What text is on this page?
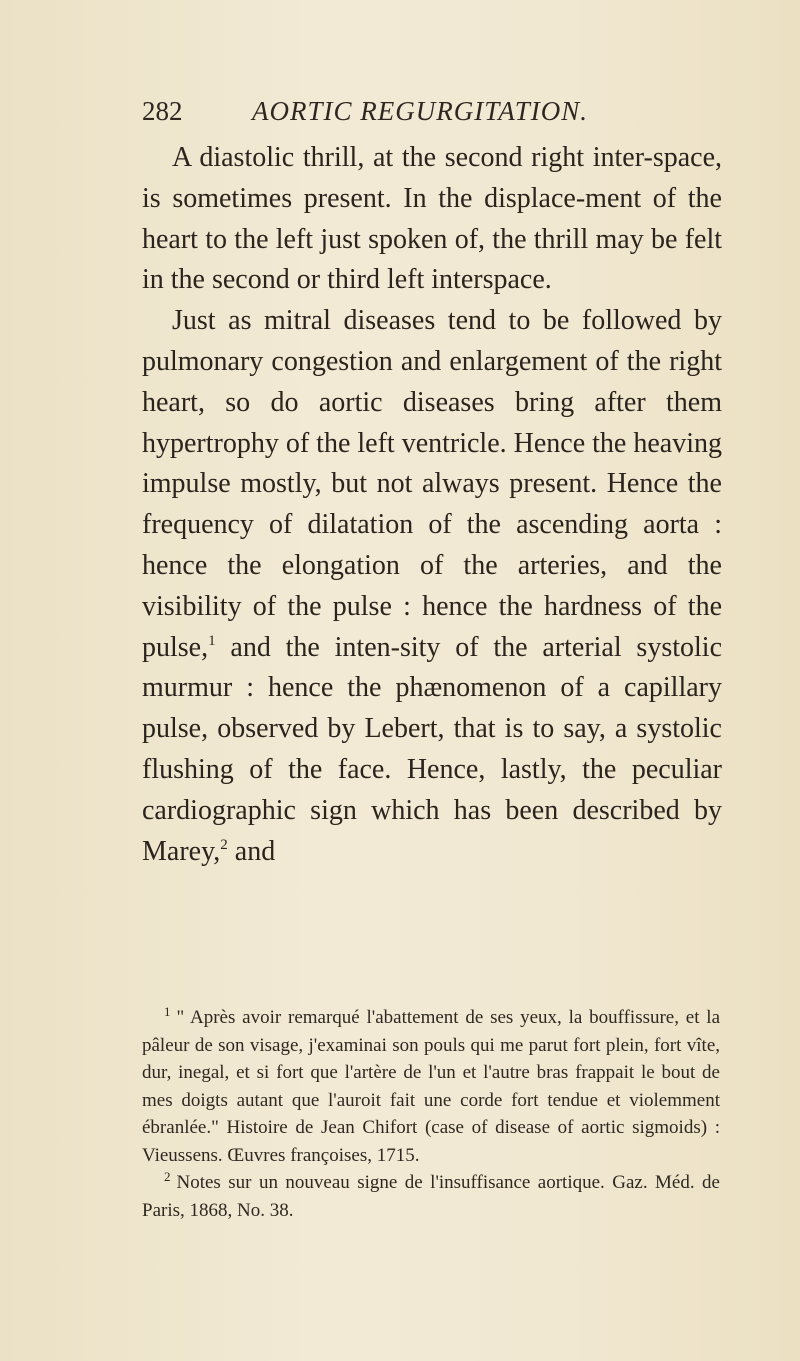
282	AORTIC REGURGITATION.

A diastolic thrill, at the second right inter-space, is sometimes present. In the displace-ment of the heart to the left just spoken of, the thrill may be felt in the second or third left interspace.

Just as mitral diseases tend to be followed by pulmonary congestion and enlargement of the right heart, so do aortic diseases bring after them hypertrophy of the left ventricle. Hence the heaving impulse mostly, but not always present. Hence the frequency of dilatation of the ascending aorta : hence the elongation of the arteries, and the visibility of the pulse : hence the hardness of the pulse,$^1$ and the inten-sity of the arterial systolic murmur : hence the phænomenon of a capillary pulse, observed by Lebert, that is to say, a systolic flushing of the face. Hence, lastly, the peculiar cardiographic sign which has been described by Marey,$^2$ and

$^1$ " Après avoir remarqué l'abattement de ses yeux, la bouffissure, et la pâleur de son visage, j'examinai son pouls qui me parut fort plein, fort vîte, dur, inegal, et si fort que l'artère de l'un et l'autre bras frappait le bout de mes doigts autant que l'auroit fait une corde fort tendue et violemment ébranlée." Histoire de Jean Chifort (case of disease of aortic sigmoids) : Vieussens. Œuvres françoises, 1715.

$^2$ Notes sur un nouveau signe de l'insuffisance aortique. Gaz. Méd. de Paris, 1868, No. 38.
